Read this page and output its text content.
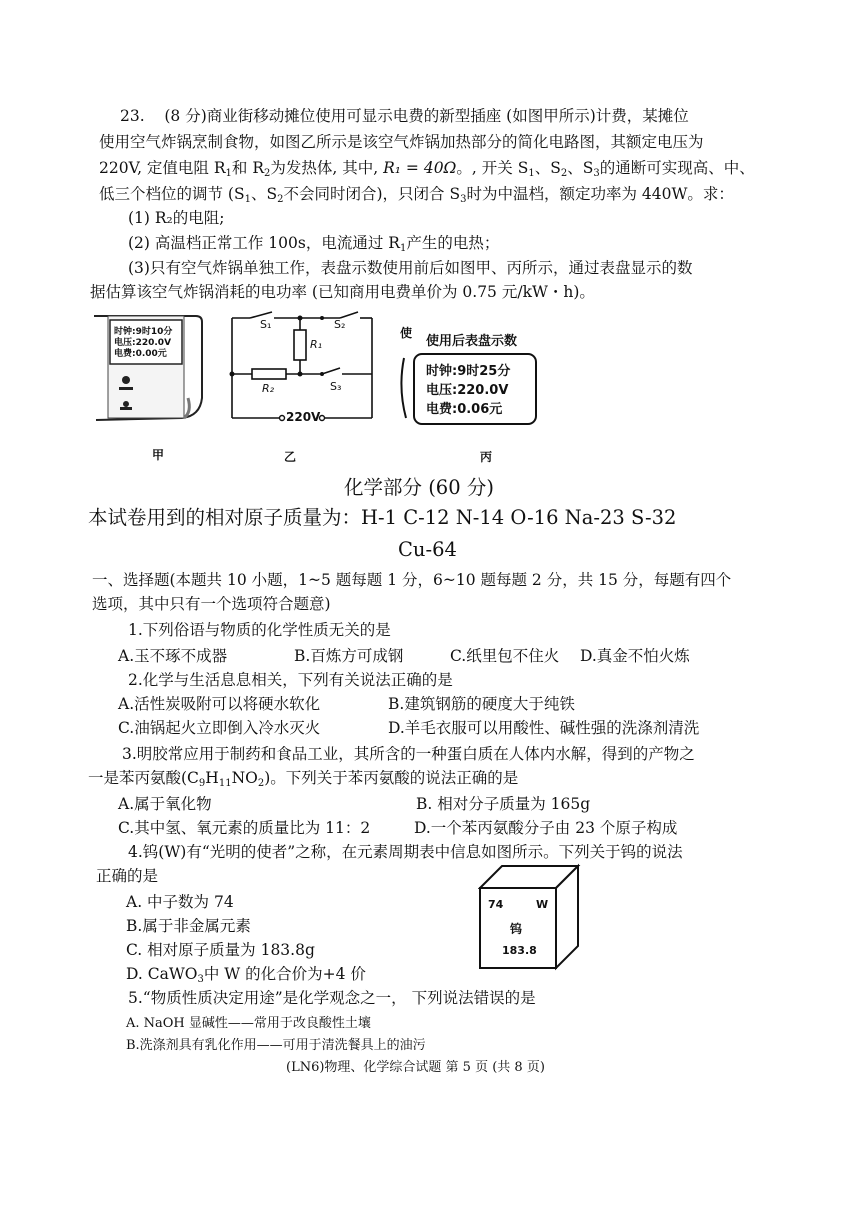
23. (8 分)商业街移动摊位使用可显示电费的新型插座 (如图甲所示)计费，某摊位
使用空气炸锅烹制食物，如图乙所示是该空气炸锅加热部分的简化电路图，其额定电压为
220V, 定值电阻 $R_1$和 $R_2$为发热体, 其中, R₁ = 40Ω。, 开关 $S_1$、$S_2$、$S_3$的通断可实现高、中、
低三个档位的调节 ($S_1$、$S_2$不会同时闭合)，只闭合 $S_3$时为中温档，额定功率为 440W。求：
(1) R₂的电阻;
(2) 高温档正常工作 100s，电流通过 $R_1$产生的电热；
(3)只有空气炸锅单独工作，表盘示数使用前后如图甲、丙所示，通过表盘显示的数
据估算该空气炸锅消耗的电功率 (已知商用电费单价为 0.75 元/kW・h)。
时钟:9时10分
电压:220.0V
电费:0.00元
甲
S₁	S₂
R₁
R₂	S₃
220V
乙
使
使用后表盘示数
时钟:9时25分
电压:220.0V
电费:0.06元
丙
化学部分 (60 分)
本试卷用到的相对原子质量为：H-1 C-12 N-14 O-16 Na-23 S-32
Cu-64
一、选择题(本题共 10 小题，1~5 题每题 1 分，6~10 题每题 2 分，共 15 分，每题有四个
选项，其中只有一个选项符合题意)
1.下列俗语与物质的化学性质无关的是
A.玉不琢不成器	B.百炼方可成钢	C.纸里包不住火 D.真金不怕火炼
2.化学与生活息息相关，下列有关说法正确的是
A.活性炭吸附可以将硬水软化	B.建筑钢筋的硬度大于纯铁
C.油锅起火立即倒入冷水灭火	D.羊毛衣服可以用酸性、碱性强的洗涤剂清洗
3.明胶常应用于制药和食品工业，其所含的一种蛋白质在人体内水解，得到的产物之
一是苯丙氨酸$(C_9H_{11}NO_2)$。下列关于苯丙氨酸的说法正确的是
A.属于氧化物	B. 相对分子质量为 165g
C.其中氢、氧元素的质量比为 11：2	D.一个苯丙氨酸分子由 23 个原子构成
4.钨(W)有“光明的使者”之称，在元素周期表中信息如图所示。下列关于钨的说法
正确的是
A. 中子数为 74
B.属于非金属元素
C. 相对原子质量为 183.8g
D. CaWO$_3$中 W 的化合价为+4 价
74	W
钨
183.8
5.“物质性质决定用途”是化学观念之一， 下列说法错误的是
A. NaOH 显碱性——常用于改良酸性土壤
B.洗涤剂具有乳化作用——可用于清洗餐具上的油污
(LN6)物理、化学综合试题 第 5 页 (共 8 页)
